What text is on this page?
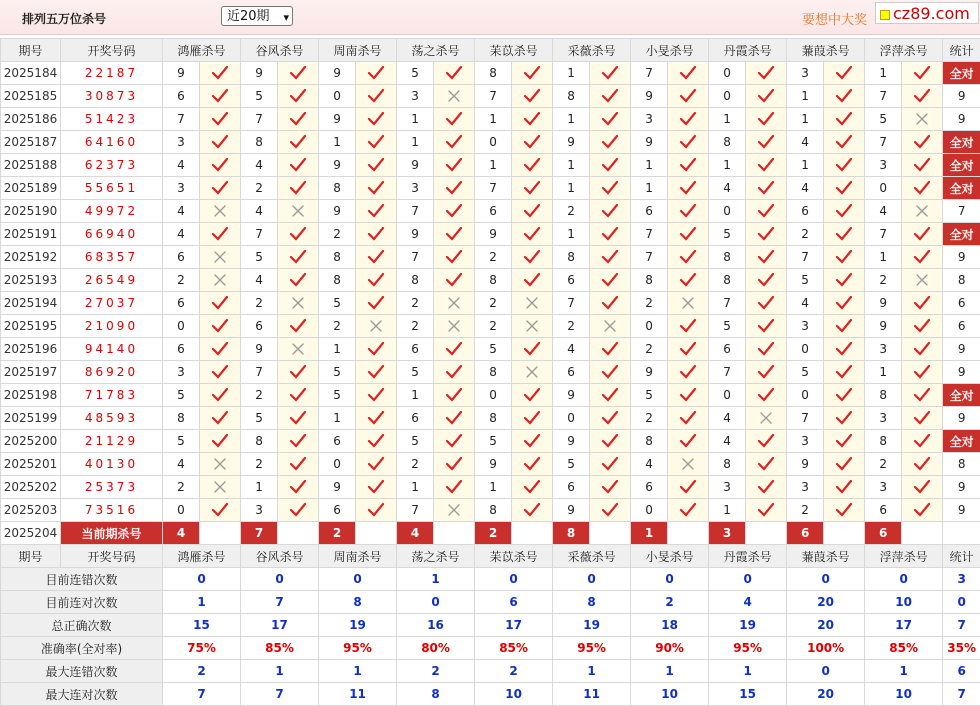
排列五万位杀号	近20期 ▾	要想中大奖	cz89.com
期号	开奖号码	鸿雁杀号		谷风杀号		周南杀号		荡之杀号		苿苡杀号		采薇杀号		小旻杀号		丹霞杀号		蒹葭杀号		浮萍杀号		统计
2025184	22187	9		9		9		5		8		1		7		0		3		1		全对
2025185	30873	6		5		0		3		7		8		9		0		1		7		9
2025186	51423	7		7		9		1		1		1		3		1		1		5		9
2025187	64160	3		8		1		1		0		9		9		8		4		7		全对
2025188	62373	4		4		9		9		1		1		1		1		1		3		全对
2025189	55651	3		2		8		3		7		1		1		4		4		0		全对
2025190	49972	4		4		9		7		6		2		6		0		6		4		7
2025191	66940	4		7		2		9		9		1		7		5		2		7		全对
2025192	68357	6		5		8		7		2		8		7		8		7		1		9
2025193	26549	2		4		8		8		8		6		8		8		5		2		8
2025194	27037	6		2		5		2		2		7		2		7		4		9		6
2025195	21090	0		6		2		2		2		2		0		5		3		9		6
2025196	94140	6		9		1		6		5		4		2		6		0		3		9
2025197	86920	3		7		5		5		8		6		9		7		5		1		9
2025198	71783	5		2		5		1		0		9		5		0		0		8		全对
2025199	48593	8		5		1		6		8		0		2		4		7		3		9
2025200	21129	5		8		6		5		5		9		8		4		3		8		全对
2025201	40130	4		2		0		2		9		5		4		8		9		2		8
2025202	25373	2		1		9		1		1		6		6		3		3		3		9
2025203	73516	0		3		6		7		8		9		0		1		2		6		9
2025204	当前期杀号	4		7		2		4		2		8		1		3		6		6		
期号	开奖号码	鸿雁杀号		谷风杀号		周南杀号		荡之杀号		苿苡杀号		采薇杀号		小旻杀号		丹霞杀号		蒹葭杀号		浮萍杀号		统计
目前连错次数		0		0		0		1		0		0		0		0		0		0		3
目前连对次数		1		7		8		0		6		8		2		4		20		10		0
总正确次数		15		17		19		16		17		19		18		19		20		17		7
准确率(全对率)		75%		85%		95%		80%		85%		95%		90%		95%		100%		85%		35%
最大连错次数		2		1		1		2		2		1		1		1		0		1		6
最大连对次数		7		7		11		8		10		11		10		15		20		10		7
